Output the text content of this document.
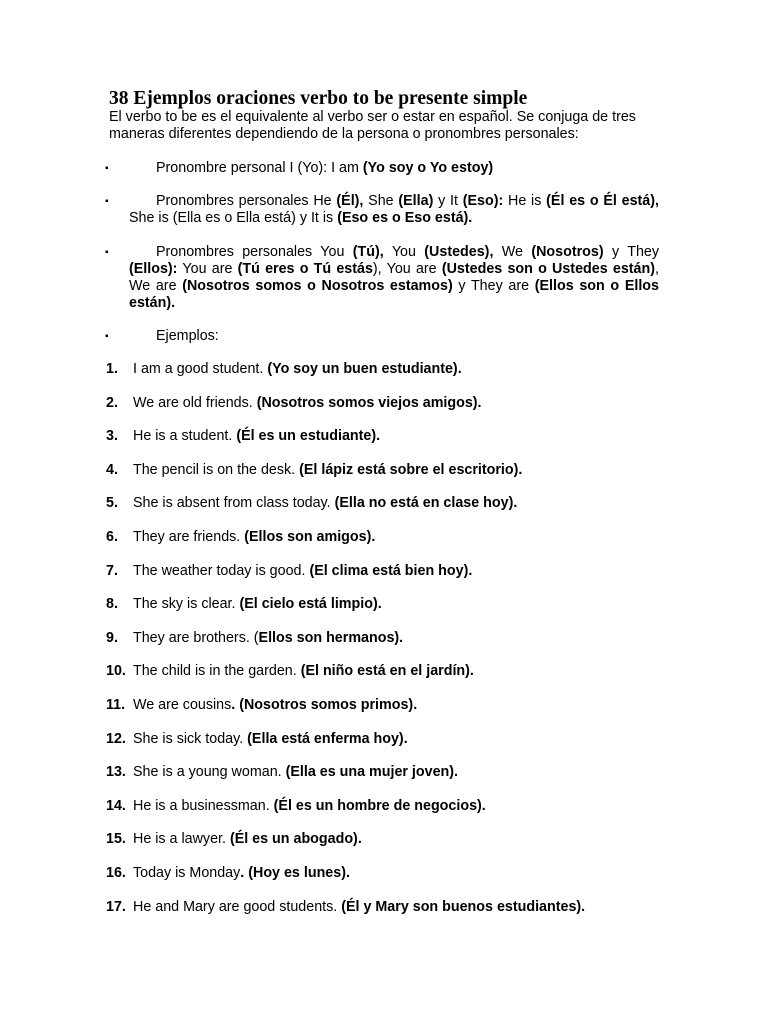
38 Ejemplos oraciones verbo to be presente simple
El verbo to be es el equivalente al verbo ser o estar en español. Se conjuga de tres maneras diferentes dependiendo de la persona o pronombres personales:
▪	Pronombre personal I (Yo): I am (Yo soy o Yo estoy)
▪	Pronombres personales He (Él), She (Ella) y It (Eso): He is (Él es o Él está), She is (Ella es o Ella está) y It is (Eso es o Eso está).
▪	Pronombres personales You (Tú), You (Ustedes), We (Nosotros) y They (Ellos): You are (Tú eres o Tú estás), You are (Ustedes son o Ustedes están), We are (Nosotros somos o Nosotros estamos) y They are (Ellos son o Ellos están).
▪	Ejemplos:
1. I am a good student. (Yo soy un buen estudiante).
2. We are old friends. (Nosotros somos viejos amigos).
3. He is a student. (Él es un estudiante).
4. The pencil is on the desk. (El lápiz está sobre el escritorio).
5. She is absent from class today. (Ella no está en clase hoy).
6. They are friends. (Ellos son amigos).
7. The weather today is good. (El clima está bien hoy).
8. The sky is clear. (El cielo está limpio).
9. They are brothers. (Ellos son hermanos).
10. The child is in the garden. (El niño está en el jardín).
11. We are cousins. (Nosotros somos primos).
12. She is sick today. (Ella está enferma hoy).
13. She is a young woman. (Ella es una mujer joven).
14. He is a businessman. (Él es un hombre de negocios).
15. He is a lawyer. (Él es un abogado).
16. Today is Monday. (Hoy es lunes).
17. He and Mary are good students. (Él y Mary son buenos estudiantes).
